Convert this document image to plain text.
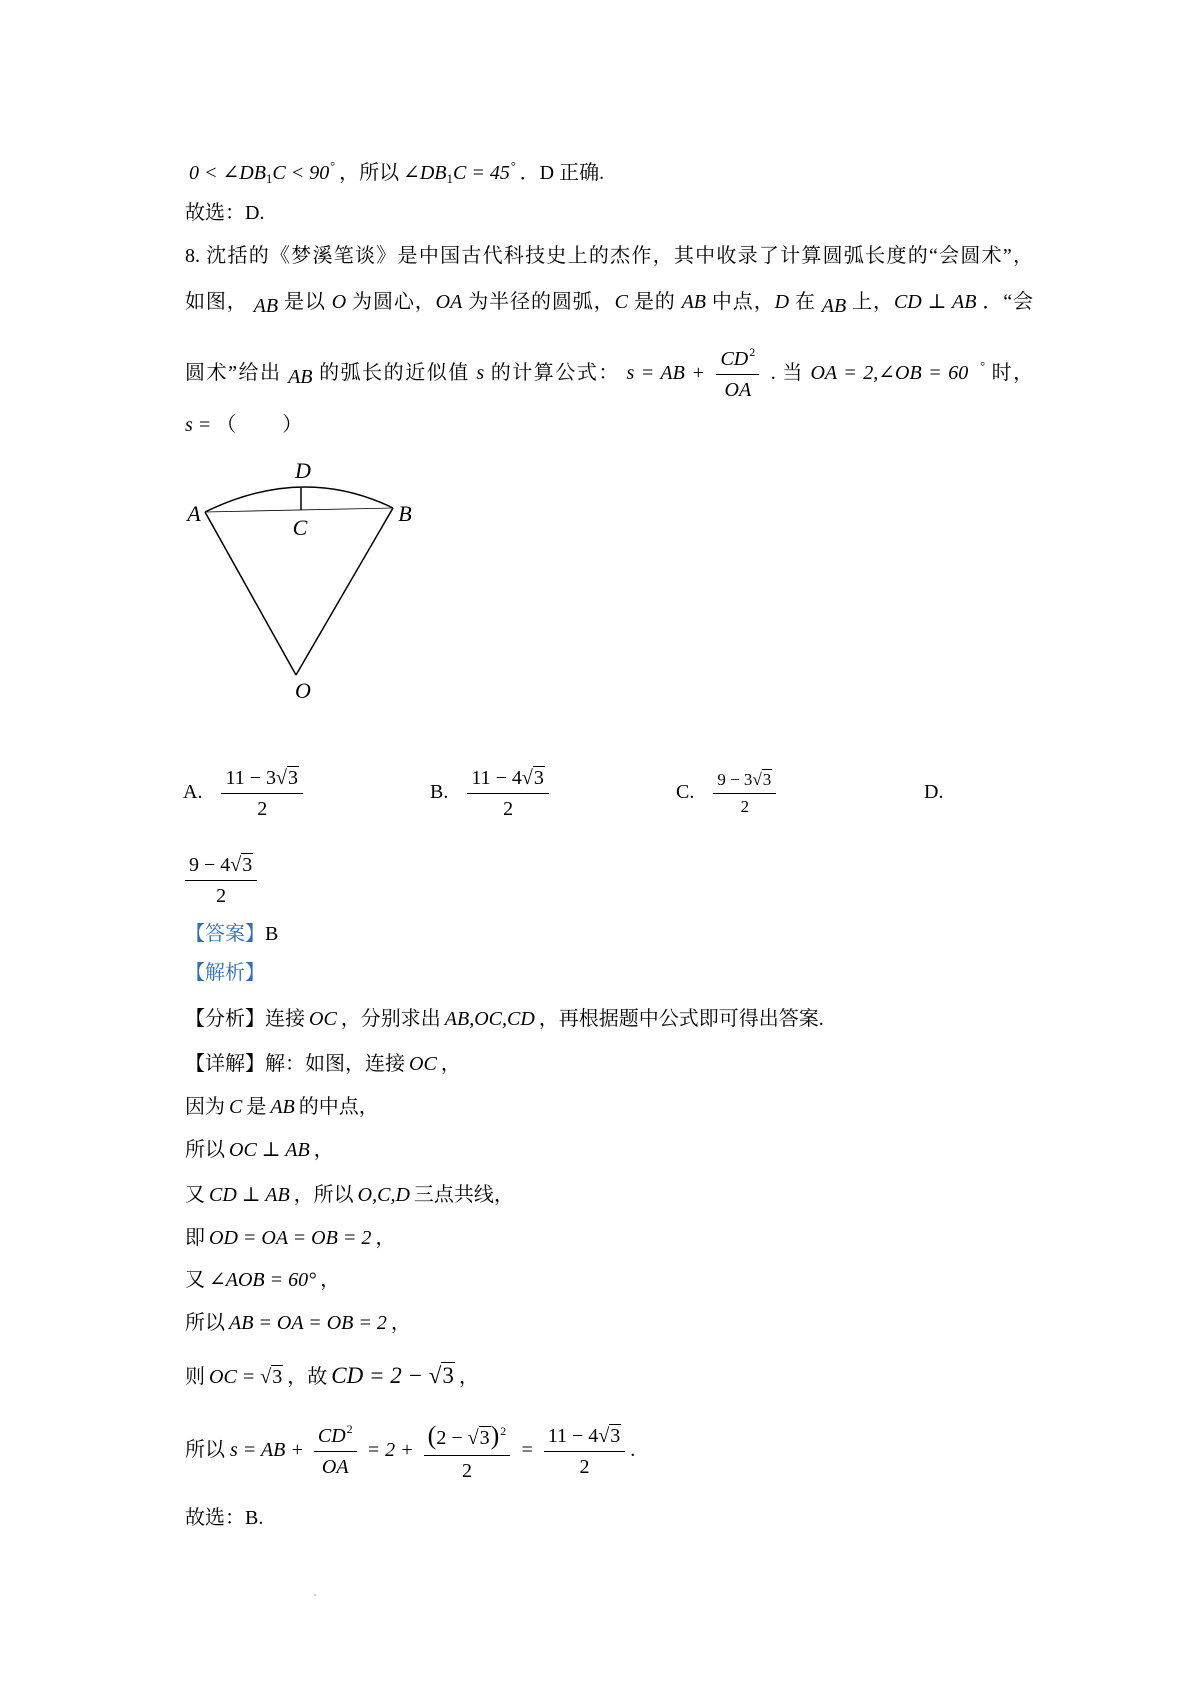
$0 < \angle DB_1C < 90^\circ$ ，所以 $\angle DB_1C = 45^\circ$ ．D 正确.
故选：D.
8. 沈括的《梦溪笔谈》是中国古代科技史上的杰作，其中收录了计算圆弧长度的“会圆术”，
如图， AB 是以 O 为圆心，OA 为半径的圆弧，C 是的 AB 中点，D 在 AB 上，CD ⊥ AB ．“会
圆术”给出 AB 的弧长的近似值 s 的计算公式： s = AB + $\frac{CD^2}{OA}$ . 当 OA = 2,∠OB = 60 ° 时，
s = （ ）
A	B
D
C
O
A. $\frac{11 - 3√3}{2}$	B. $\frac{11 - 4√3}{2}$	C. $\frac{9 - 3√3}{2}$	D.
$\frac{9 - 4√3}{2}$
【答案】B
【解析】
【分析】连接 OC ，分别求出 AB,OC,CD ，再根据题中公式即可得出答案.
【详解】解：如图，连接 OC ，
因为 C 是 AB 的中点，
所以 OC ⊥ AB ，
又 CD ⊥ AB ，所以 O,C,D 三点共线，
即 OD = OA = OB = 2 ，
又 ∠AOB = 60° ，
所以 AB = OA = OB = 2 ，
则 OC = √3 ，故 CD = 2 − √3 ，
所以 s = AB + $\frac{CD^2}{OA} = 2 + \frac{(2 - √3)^2}{2} = \frac{11 - 4√3}{2}$ .
故选：B.
